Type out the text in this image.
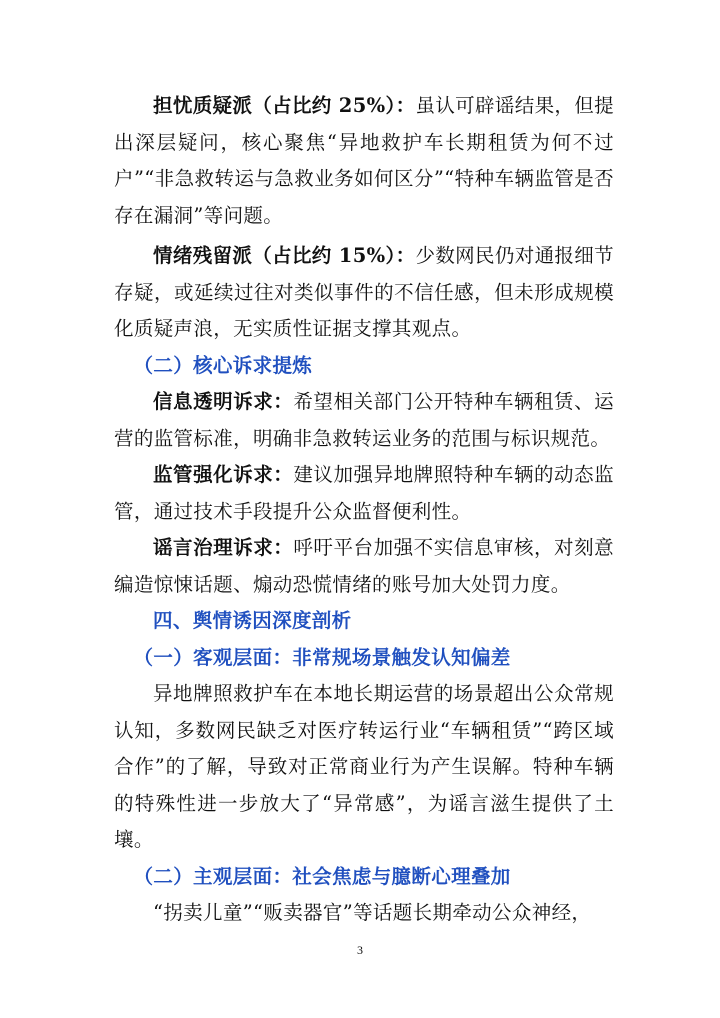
担忧质疑派（占比约 25%）：虽认可辟谣结果，但提出深层疑问，核心聚焦“异地救护车长期租赁为何不过户”“非急救转运与急救业务如何区分”“特种车辆监管是否存在漏洞”等问题。

情绪残留派（占比约 15%）：少数网民仍对通报细节存疑，或延续过往对类似事件的不信任感，但未形成规模化质疑声浪，无实质性证据支撑其观点。

（二）核心诉求提炼

信息透明诉求：希望相关部门公开特种车辆租赁、运营的监管标准，明确非急救转运业务的范围与标识规范。

监管强化诉求：建议加强异地牌照特种车辆的动态监管，通过技术手段提升公众监督便利性。

谣言治理诉求：呼吁平台加强不实信息审核，对刻意编造惊悚话题、煽动恐慌情绪的账号加大处罚力度。

四、舆情诱因深度剖析

（一）客观层面：非常规场景触发认知偏差

异地牌照救护车在本地长期运营的场景超出公众常规认知，多数网民缺乏对医疗转运行业“车辆租赁”“跨区域合作”的了解，导致对正常商业行为产生误解。特种车辆的特殊性进一步放大了“异常感”，为谣言滋生提供了土壤。

（二）主观层面：社会焦虑与臆断心理叠加

“拐卖儿童”“贩卖器官”等话题长期牵动公众神经，

3
